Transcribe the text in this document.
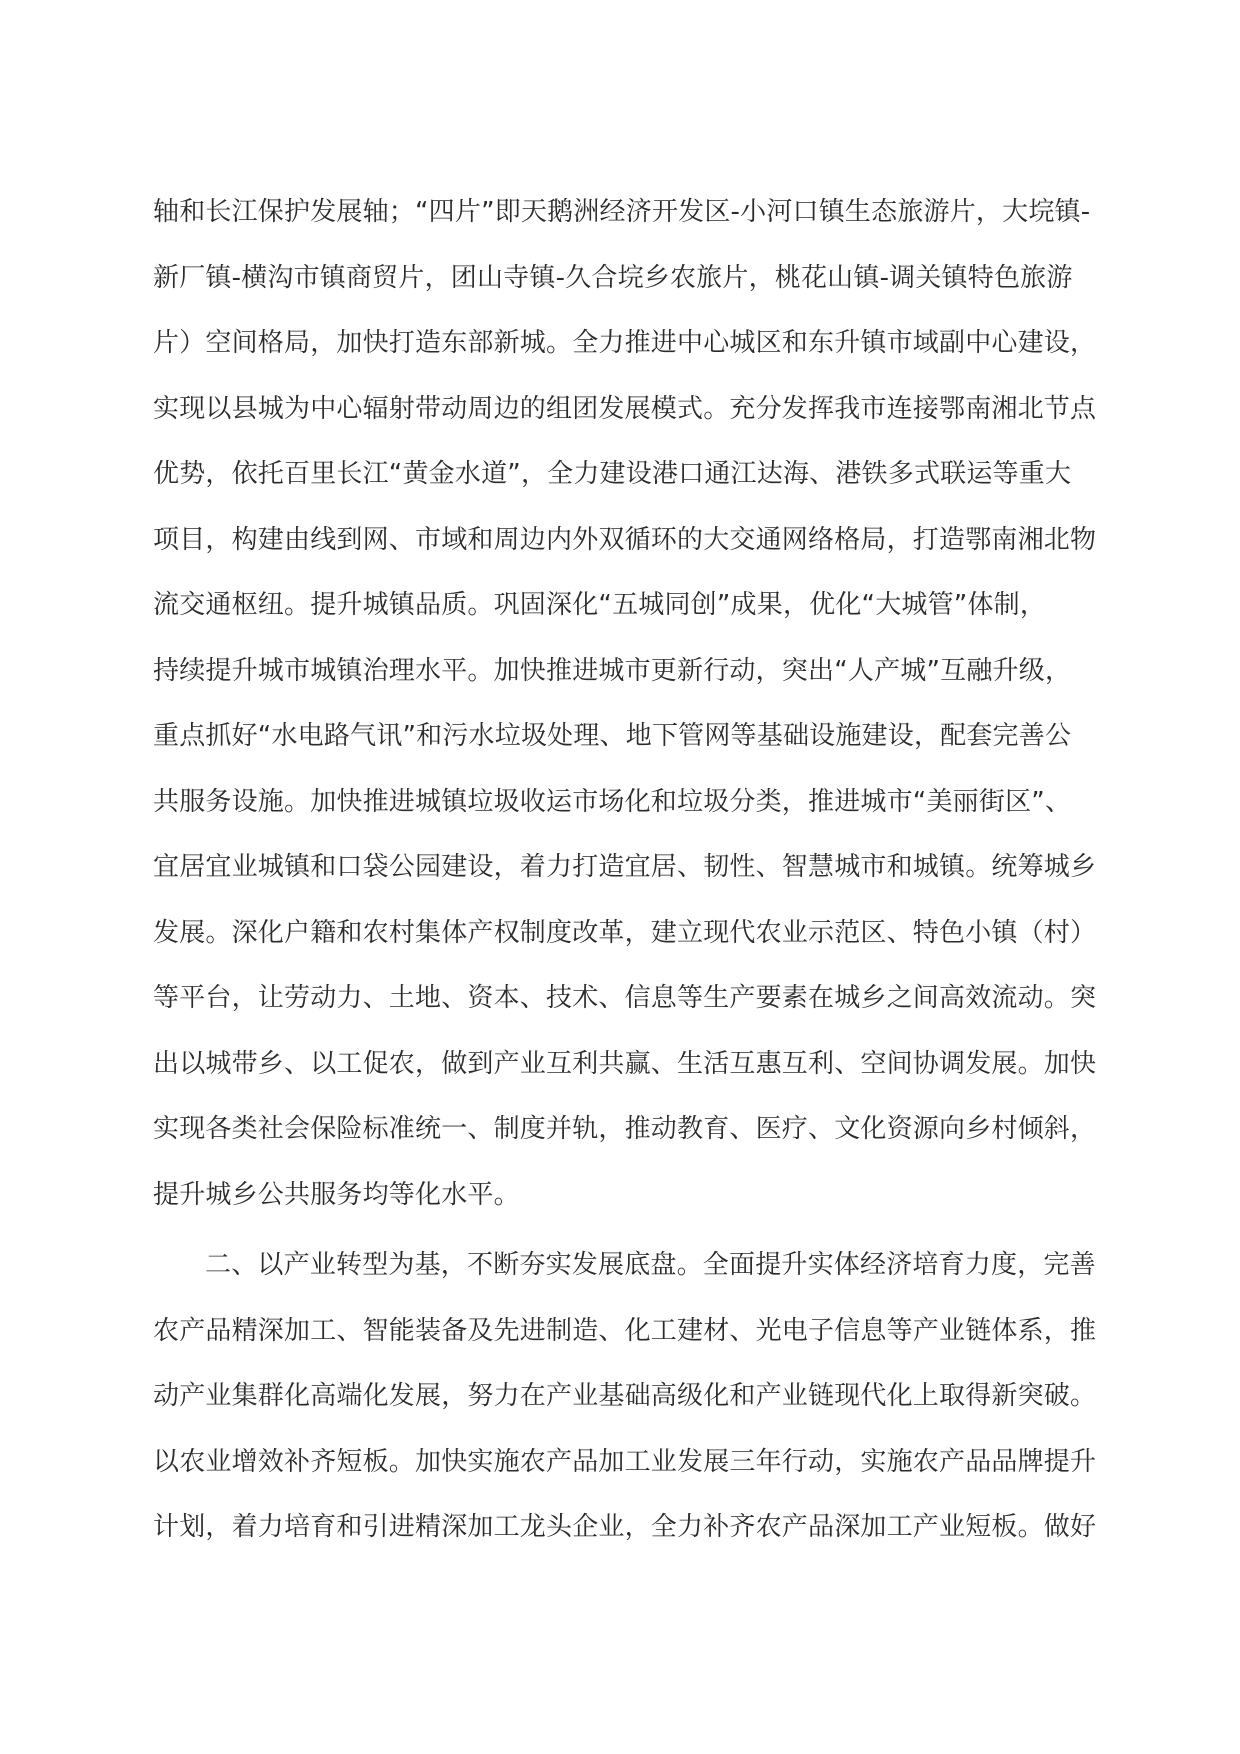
轴和长江保护发展轴；“四片”即天鹅洲经济开发区-小河口镇生态旅游片，大垸镇-
新厂镇-横沟市镇商贸片，团山寺镇-久合垸乡农旅片，桃花山镇-调关镇特色旅游
片）空间格局，加快打造东部新城。全力推进中心城区和东升镇市域副中心建设，
实现以县城为中心辐射带动周边的组团发展模式。充分发挥我市连接鄂南湘北节点
优势，依托百里长江“黄金水道”，全力建设港口通江达海、港铁多式联运等重大
项目，构建由线到网、市域和周边内外双循环的大交通网络格局，打造鄂南湘北物
流交通枢纽。提升城镇品质。巩固深化“五城同创”成果，优化“大城管”体制，
持续提升城市城镇治理水平。加快推进城市更新行动，突出“人产城”互融升级，
重点抓好“水电路气讯”和污水垃圾处理、地下管网等基础设施建设，配套完善公
共服务设施。加快推进城镇垃圾收运市场化和垃圾分类，推进城市“美丽街区”、
宜居宜业城镇和口袋公园建设，着力打造宜居、韧性、智慧城市和城镇。统筹城乡
发展。深化户籍和农村集体产权制度改革，建立现代农业示范区、特色小镇（村）
等平台，让劳动力、土地、资本、技术、信息等生产要素在城乡之间高效流动。突
出以城带乡、以工促农，做到产业互利共赢、生活互惠互利、空间协调发展。加快
实现各类社会保险标准统一、制度并轨，推动教育、医疗、文化资源向乡村倾斜，
提升城乡公共服务均等化水平。
二、以产业转型为基，不断夯实发展底盘。全面提升实体经济培育力度，完善
农产品精深加工、智能装备及先进制造、化工建材、光电子信息等产业链体系，推
动产业集群化高端化发展，努力在产业基础高级化和产业链现代化上取得新突破。
以农业增效补齐短板。加快实施农产品加工业发展三年行动，实施农产品品牌提升
计划，着力培育和引进精深加工龙头企业，全力补齐农产品深加工产业短板。做好
